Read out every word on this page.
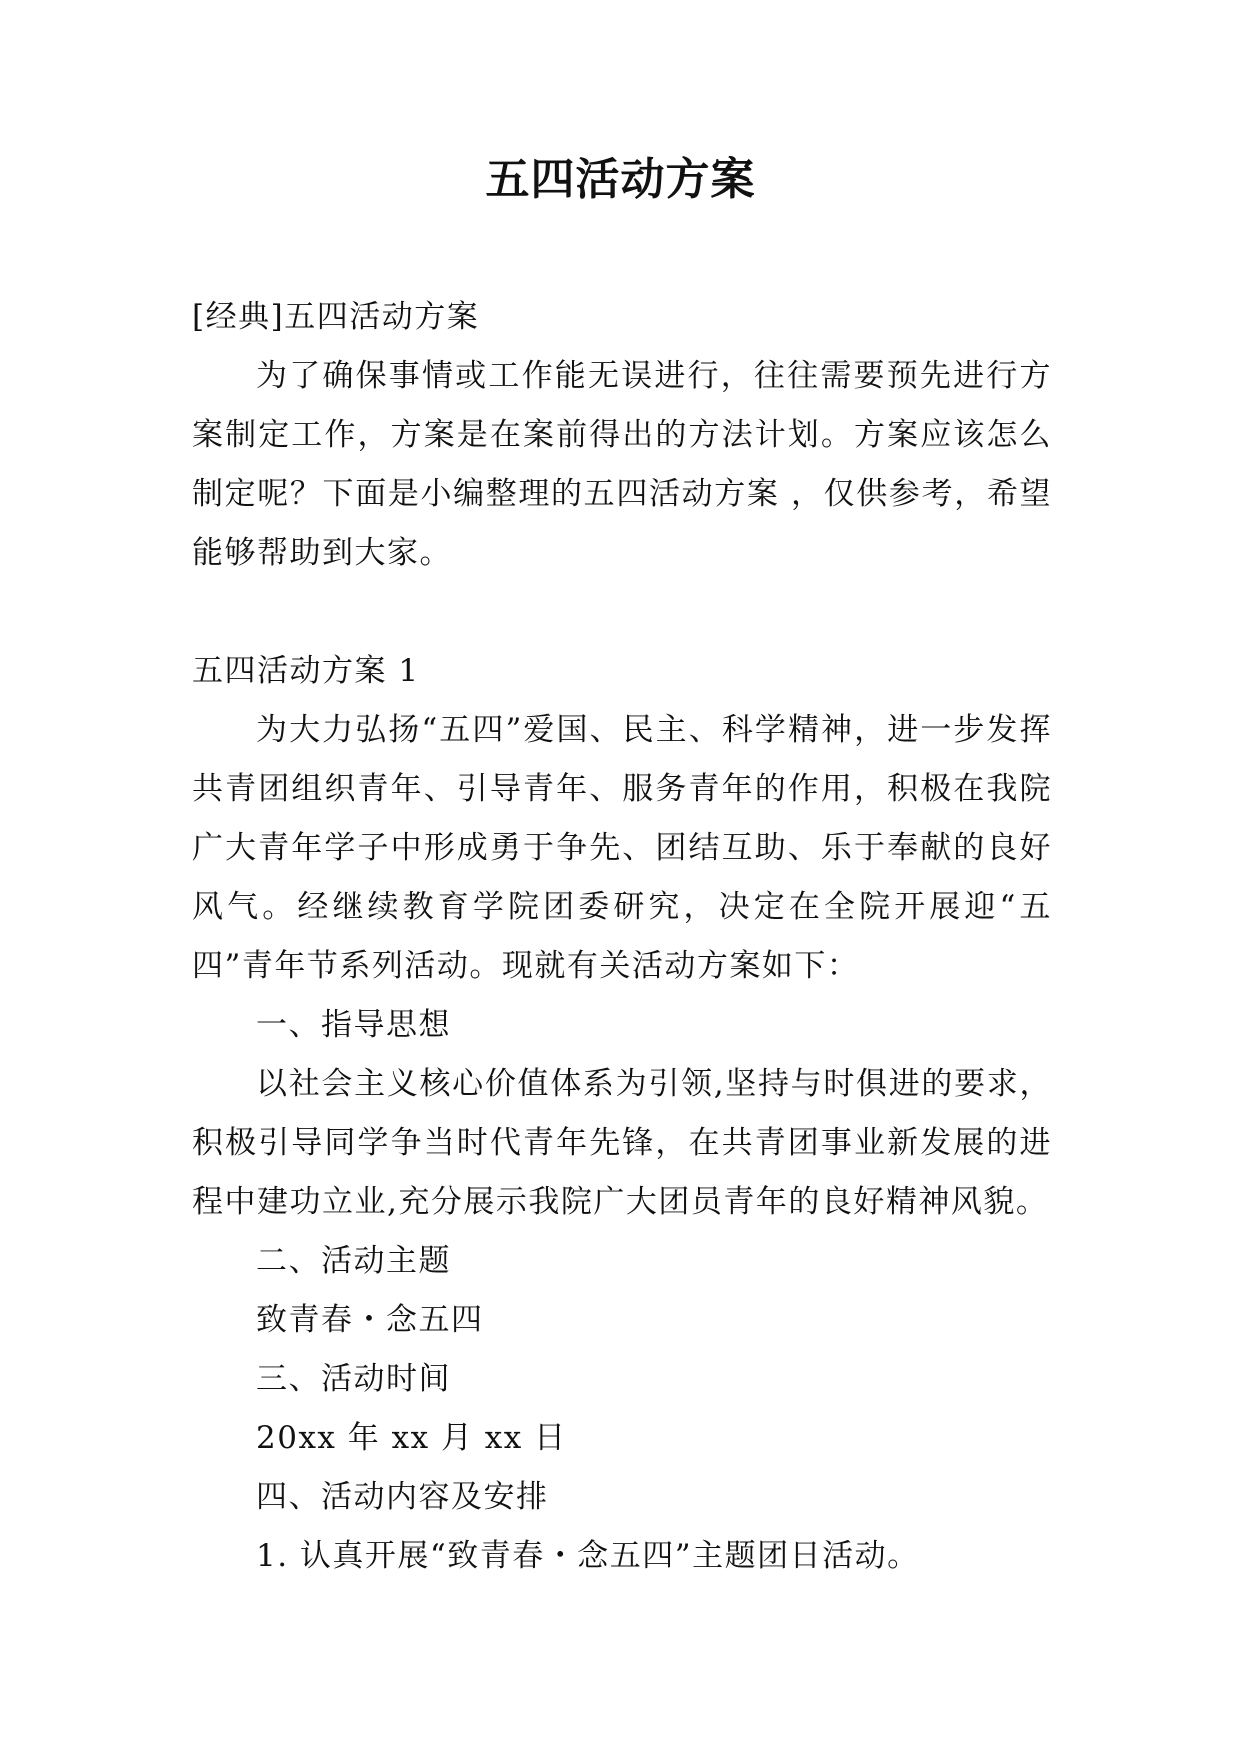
五四活动方案

[经典]五四活动方案

为了确保事情或工作能无误进行，往往需要预先进行方案制定工作，方案是在案前得出的方法计划。方案应该怎么制定呢？下面是小编整理的五四活动方案 ，仅供参考，希望能够帮助到大家。

五四活动方案 1

为大力弘扬“五四”爱国、民主、科学精神，进一步发挥共青团组织青年、引导青年、服务青年的作用，积极在我院广大青年学子中形成勇于争先、团结互助、乐于奉献的良好风气。经继续教育学院团委研究，决定在全院开展迎“五四”青年节系列活动。现就有关活动方案如下：

一、指导思想

以社会主义核心价值体系为引领,坚持与时俱进的要求，积极引导同学争当时代青年先锋，在共青团事业新发展的进程中建功立业,充分展示我院广大团员青年的良好精神风貌。

二、活动主题

致青春・念五四

三、活动时间

20xx 年 xx 月 xx 日

四、活动内容及安排

1. 认真开展“致青春・念五四”主题团日活动。
